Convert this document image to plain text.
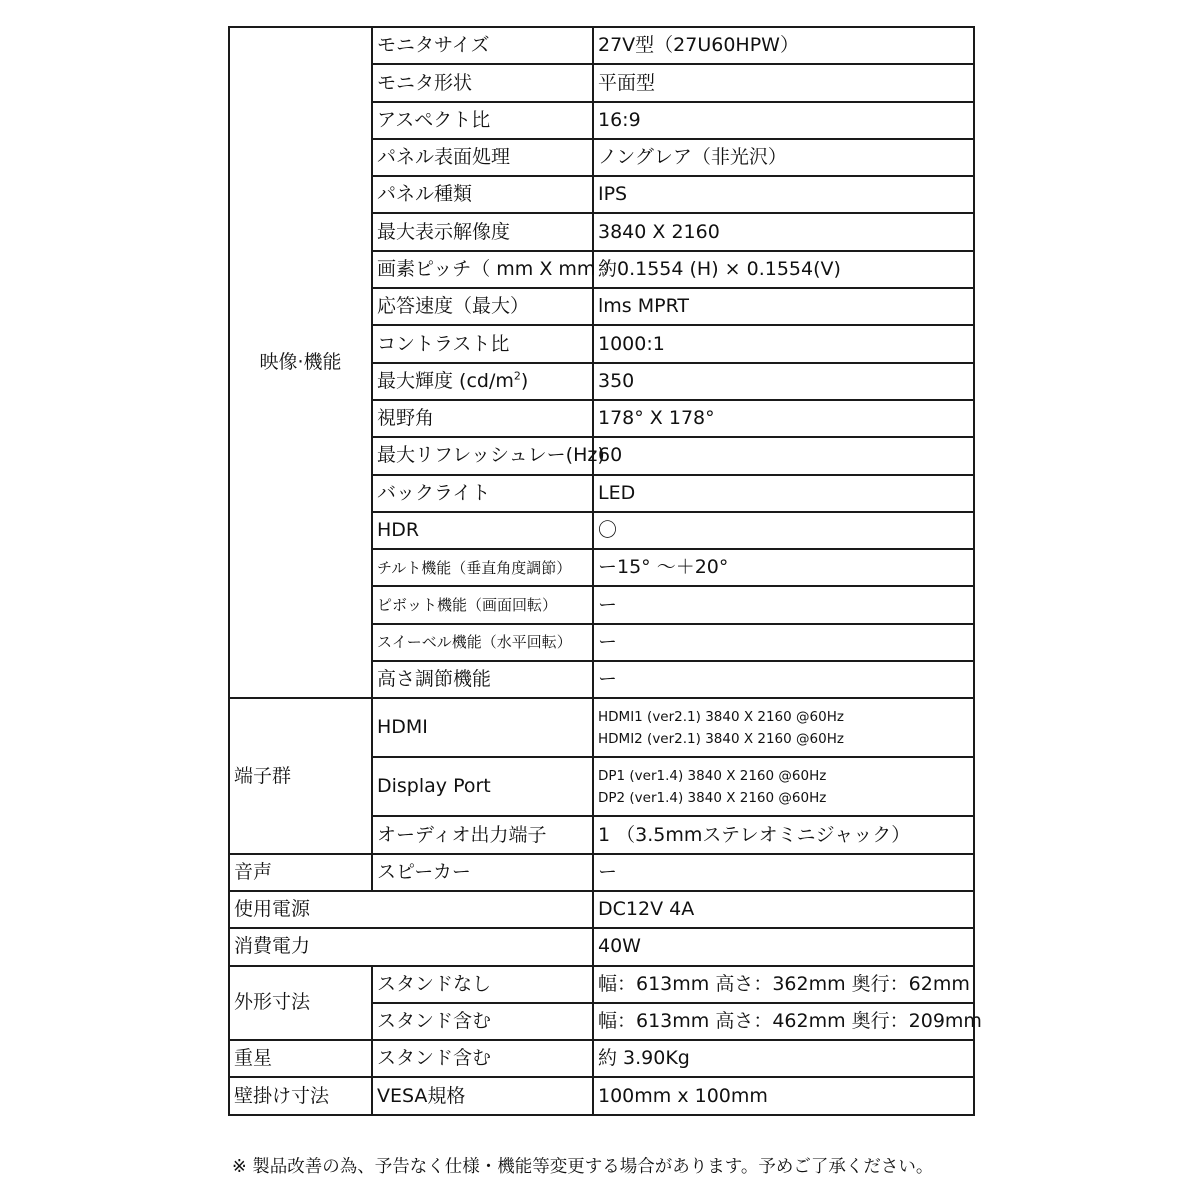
映像·機能	モニタサイズ	27V型（27U60HPW）
	モニタ形状	平面型
	アスペクト比	16:9
	パネル表面処理	ノングレア（非光沢）
	パネル種類	IPS
	最大表示解像度	3840 X 2160
	画素ピッチ（ mm X mm ）	約0.1554 (H) × 0.1554(V)
	応答速度（最大）	lms MPRT
	コントラスト比	1000:1
	最大輝度 $(cd/m^2)$	350
	視野角	178° X 178°
	最大リフレッシュレー(Hz)	60
	バックライト	LED
	HDR	〇
	チルト機能（垂直角度調節）	ー15° ～＋20°
	ピボット機能（画面回転）	ー
	スイーベル機能（水平回転）	ー
	高さ調節機能	ー
端子群	HDMI	HDMI1 (ver2.1) 3840 X 2160 @60Hz
HDMI2 (ver2.1) 3840 X 2160 @60Hz

	Display Port	DP1 (ver1.4) 3840 X 2160 @60Hz
DP2 (ver1.4) 3840 X 2160 @60Hz

	オーディオ出力端子	1 （3.5mmステレオミニジャック）
音声	スピーカー	ー
使用電源		DC12V 4A
消費電力		40W
外形寸法	スタンドなし	幅：613mm 高さ：362mm 奥行：62mm
	スタンド含む	幅：613mm 高さ：462mm 奥行：209mm
重星	スタンド含む	約 3.90Kg
壁掛け寸法	VESA規格	100mm x 100mm
※ 製品改善の為、予告なく仕様・機能等変更する場合があります。予めご了承ください。
